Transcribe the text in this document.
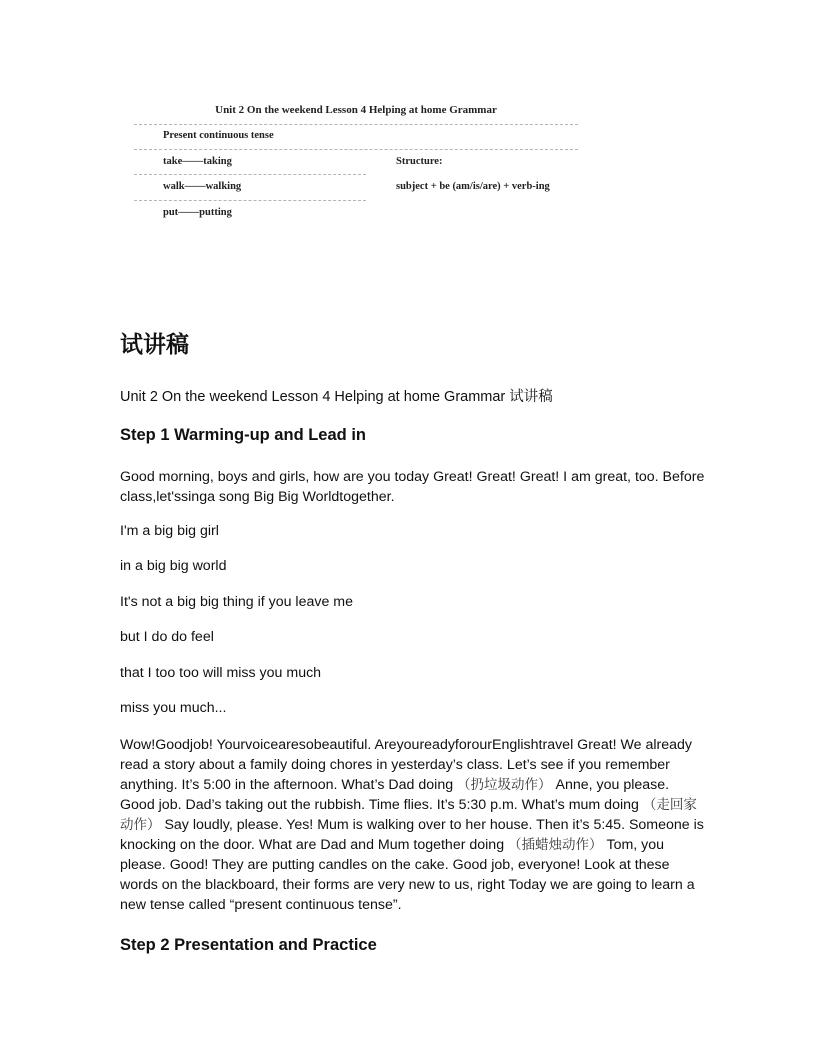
Unit 2 On the weekend Lesson 4 Helping at home Grammar
Present continuous tense
take——taking	Structure:
walk——walking	subject + be (am/is/are) + verb-ing
put——putting
试讲稿
Unit 2 On the weekend Lesson 4 Helping at home Grammar 试讲稿
Step 1 Warming-up and Lead in

Good morning, boys and girls, how are you today Great! Great! Great! I am great, too. Before class,let'ssinga song Big Big Worldtogether.

I'm a big big girl
in a big big world
It's not a big big thing if you leave me
but I do do feel
that I too too will miss you much
miss you much...

Wow!Goodjob! Yourvoicearesobeautiful. AreyoureadyforourEnglishtravel Great! We already read a story about a family doing chores in yesterday’s class. Let’s see if you remember anything. It’s 5:00 in the afternoon. What’s Dad doing （扔垃圾动作） Anne, you please. Good job. Dad’s taking out the rubbish. Time flies. It’s 5:30 p.m. What’s mum doing （走回家动作） Say loudly, please. Yes! Mum is walking over to her house. Then it’s 5:45. Someone is knocking on the door. What are Dad and Mum together doing （插蜡烛动作） Tom, you please. Good! They are putting candles on the cake. Good job, everyone! Look at these words on the blackboard, their forms are very new to us, right Today we are going to learn a new tense called “present continuous tense”.

Step 2 Presentation and Practice
